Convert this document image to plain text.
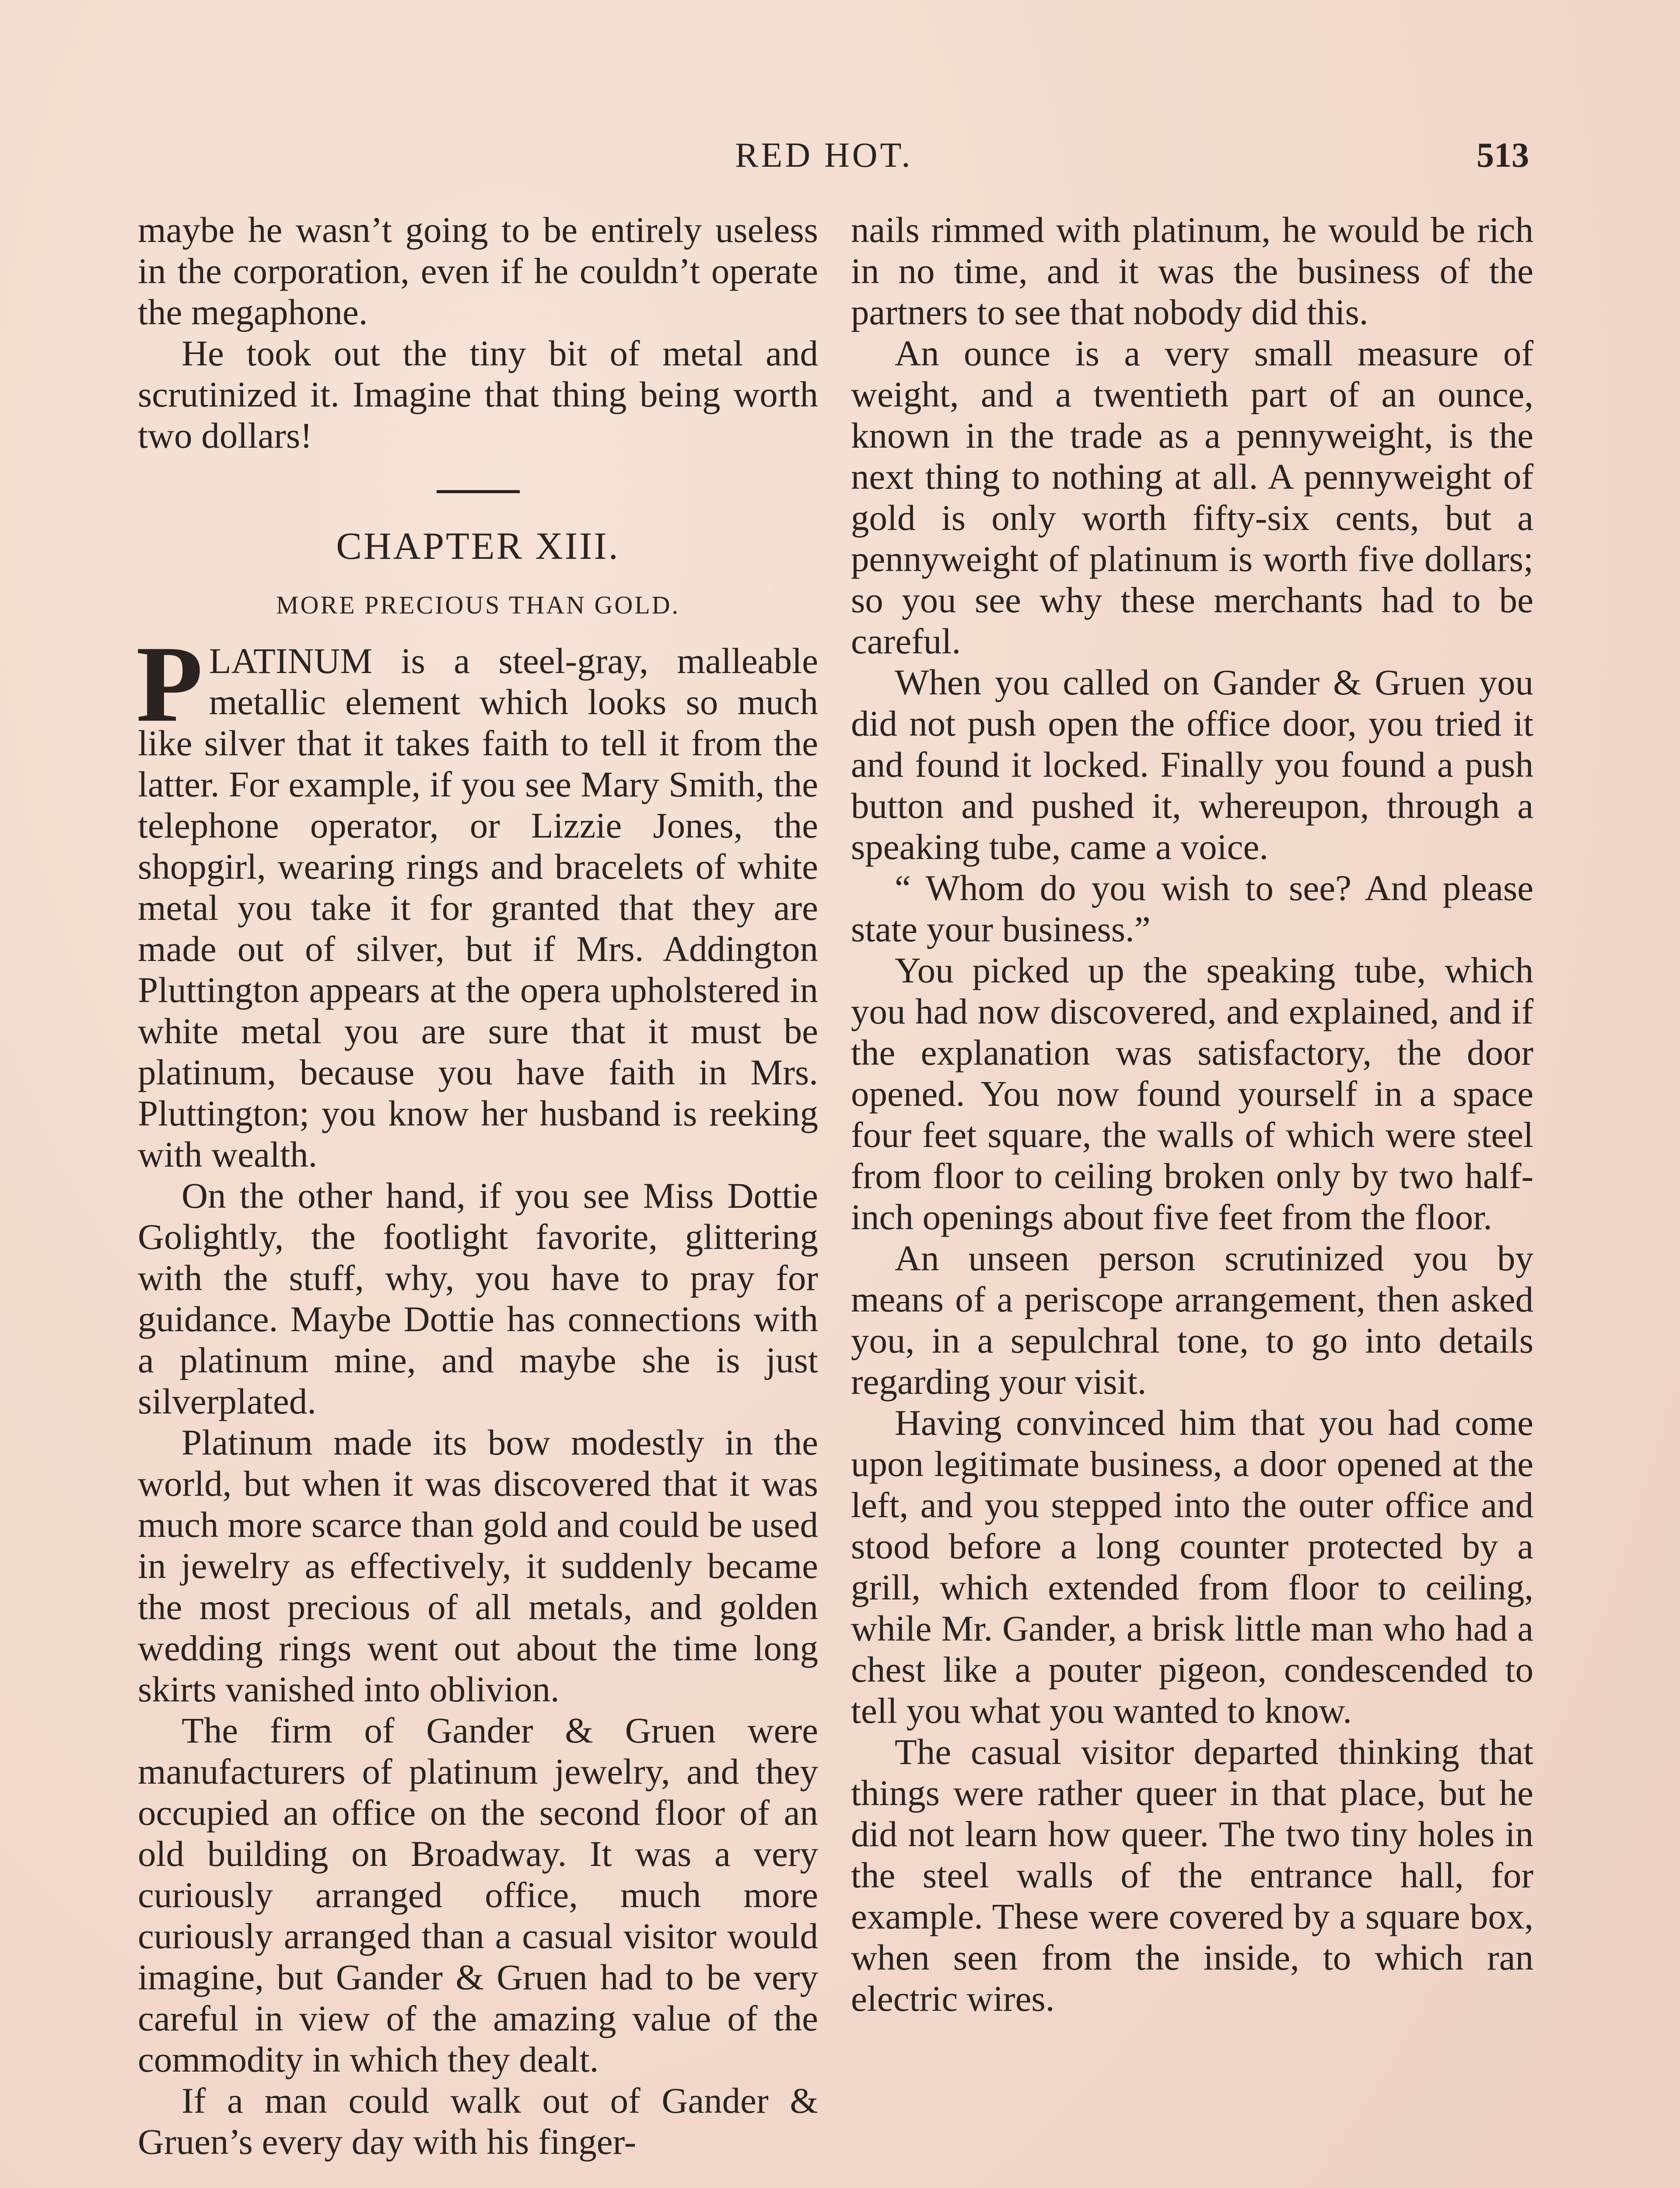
RED HOT.	513

maybe he wasn’t going to be entirely useless in the corporation, even if he couldn’t operate the megaphone.

He took out the tiny bit of metal and scrutinized it. Imagine that thing being worth two dollars!

CHAPTER XIII.
MORE PRECIOUS THAN GOLD.

PLATINUM is a steel-gray, malleable metallic element which looks so much like silver that it takes faith to tell it from the latter. For example, if you see Mary Smith, the telephone operator, or Lizzie Jones, the shopgirl, wearing rings and bracelets of white metal you take it for granted that they are made out of silver, but if Mrs. Addington Pluttington appears at the opera upholstered in white metal you are sure that it must be platinum, because you have faith in Mrs. Pluttington; you know her husband is reeking with wealth.

On the other hand, if you see Miss Dottie Golightly, the footlight favorite, glittering with the stuff, why, you have to pray for guidance. Maybe Dottie has connections with a platinum mine, and maybe she is just silverplated.

Platinum made its bow modestly in the world, but when it was discovered that it was much more scarce than gold and could be used in jewelry as effectively, it suddenly became the most precious of all metals, and golden wedding rings went out about the time long skirts vanished into oblivion.

The firm of Gander & Gruen were manufacturers of platinum jewelry, and they occupied an office on the second floor of an old building on Broadway. It was a very curiously arranged office, much more curiously arranged than a casual visitor would imagine, but Gander & Gruen had to be very careful in view of the amazing value of the commodity in which they dealt.

If a man could walk out of Gander & Gruen’s every day with his finger-

nails rimmed with platinum, he would be rich in no time, and it was the business of the partners to see that nobody did this.

An ounce is a very small measure of weight, and a twentieth part of an ounce, known in the trade as a pennyweight, is the next thing to nothing at all. A pennyweight of gold is only worth fifty-six cents, but a pennyweight of platinum is worth five dollars; so you see why these merchants had to be careful.

When you called on Gander & Gruen you did not push open the office door, you tried it and found it locked. Finally you found a push button and pushed it, whereupon, through a speaking tube, came a voice.

“ Whom do you wish to see? And please state your business.”

You picked up the speaking tube, which you had now discovered, and explained, and if the explanation was satisfactory, the door opened. You now found yourself in a space four feet square, the walls of which were steel from floor to ceiling broken only by two half-inch openings about five feet from the floor.

An unseen person scrutinized you by means of a periscope arrangement, then asked you, in a sepulchral tone, to go into details regarding your visit.

Having convinced him that you had come upon legitimate business, a door opened at the left, and you stepped into the outer office and stood before a long counter protected by a grill, which extended from floor to ceiling, while Mr. Gander, a brisk little man who had a chest like a pouter pigeon, condescended to tell you what you wanted to know.

The casual visitor departed thinking that things were rather queer in that place, but he did not learn how queer. The two tiny holes in the steel walls of the entrance hall, for example. These were covered by a square box, when seen from the inside, to which ran electric wires.
